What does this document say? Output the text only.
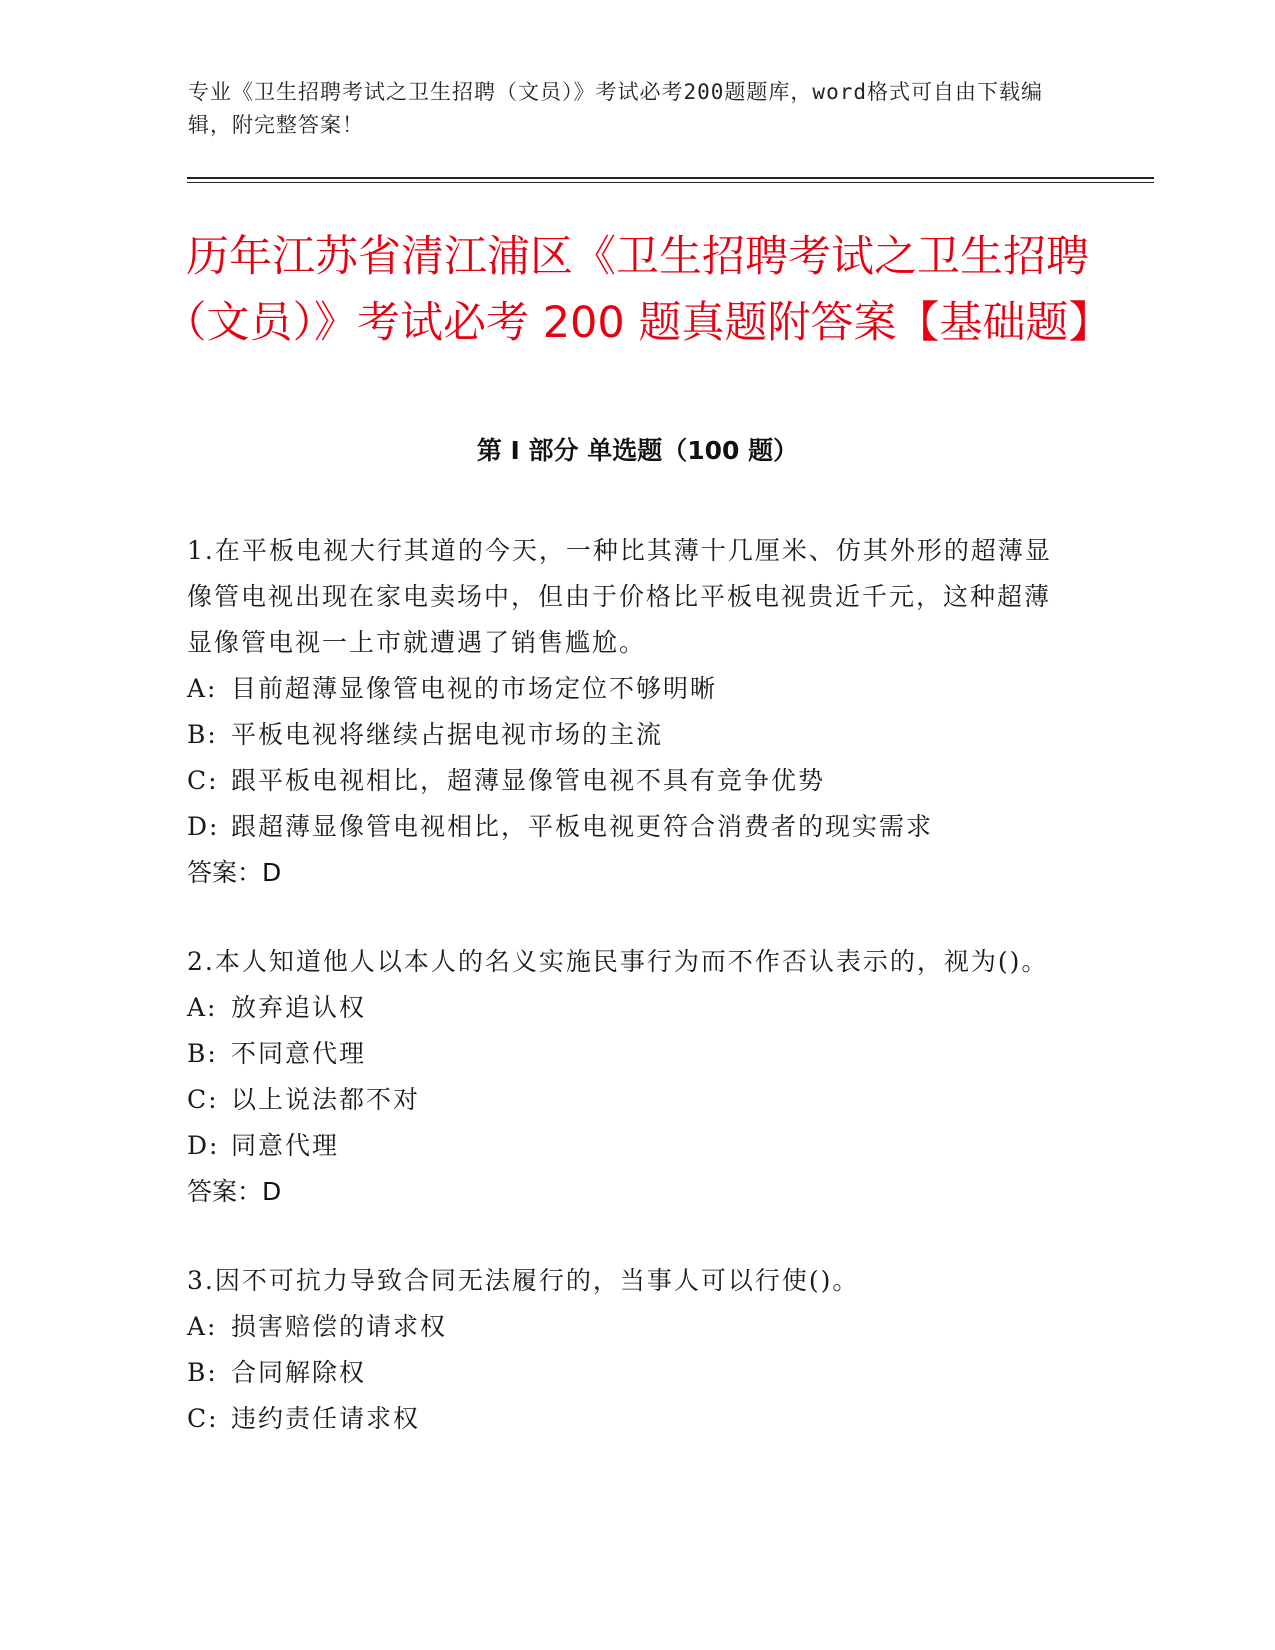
专业《卫生招聘考试之卫生招聘（文员）》考试必考200题题库，word格式可自由下载编辑，附完整答案！
历年江苏省清江浦区《卫生招聘考试之卫生招聘（文员）》考试必考 200 题真题附答案【基础题】
第 I 部分 单选题（100 题）

1.在平板电视大行其道的今天，一种比其薄十几厘米、仿其外形的超薄显像管电视出现在家电卖场中，但由于价格比平板电视贵近千元，这种超薄显像管电视一上市就遭遇了销售尴尬。

A: 目前超薄显像管电视的市场定位不够明晰

B: 平板电视将继续占据电视市场的主流

C: 跟平板电视相比，超薄显像管电视不具有竞争优势

D: 跟超薄显像管电视相比，平板电视更符合消费者的现实需求

答案：D

2.本人知道他人以本人的名义实施民事行为而不作否认表示的，视为()。

A: 放弃追认权

B: 不同意代理

C: 以上说法都不对

D: 同意代理

答案：D

3.因不可抗力导致合同无法履行的，当事人可以行使()。

A: 损害赔偿的请求权

B: 合同解除权

C: 违约责任请求权
